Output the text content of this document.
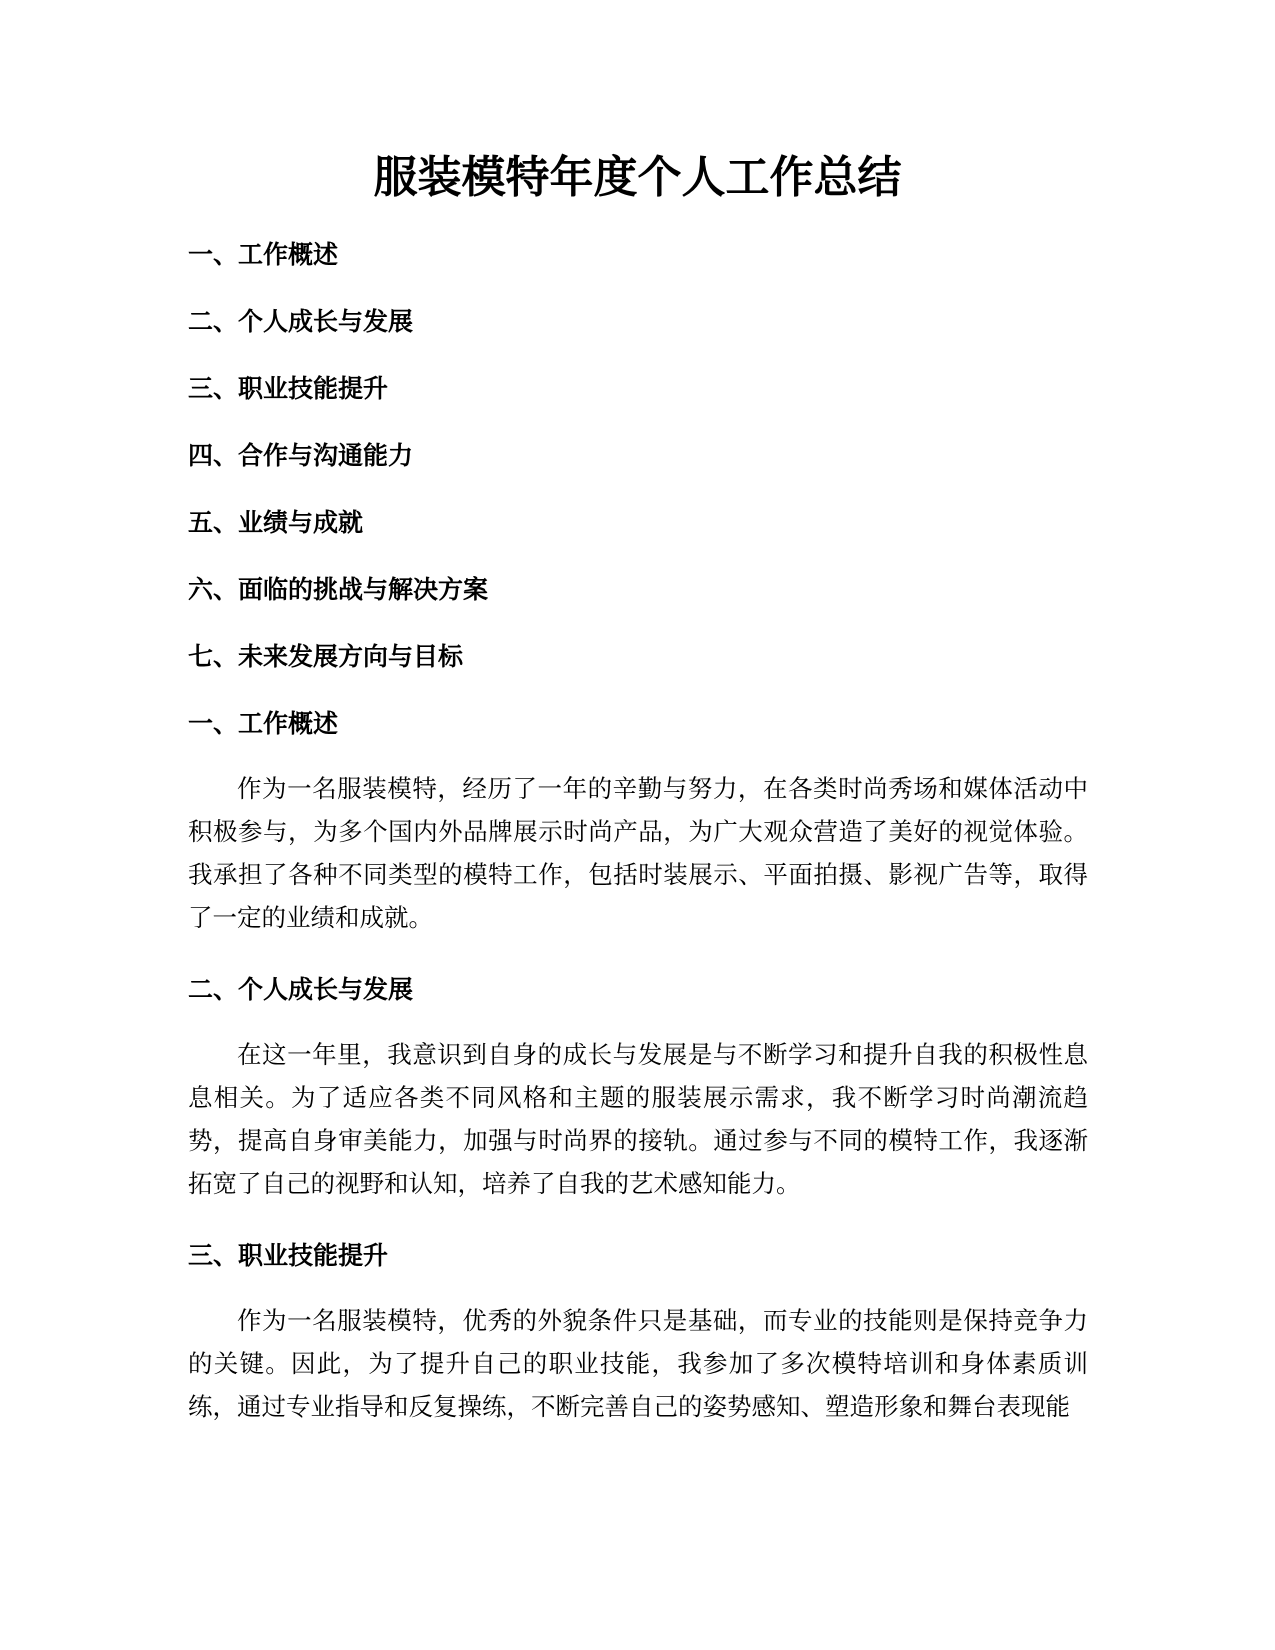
服装模特年度个人工作总结
一、工作概述
二、个人成长与发展
三、职业技能提升
四、合作与沟通能力
五、业绩与成就
六、面临的挑战与解决方案
七、未来发展方向与目标
一、工作概述

作为一名服装模特，经历了一年的辛勤与努力，在各类时尚秀场和媒体活动中积极参与，为多个国内外品牌展示时尚产品，为广大观众营造了美好的视觉体验。我承担了各种不同类型的模特工作，包括时装展示、平面拍摄、影视广告等，取得了一定的业绩和成就。

二、个人成长与发展

在这一年里，我意识到自身的成长与发展是与不断学习和提升自我的积极性息息相关。为了适应各类不同风格和主题的服装展示需求，我不断学习时尚潮流趋势，提高自身审美能力，加强与时尚界的接轨。通过参与不同的模特工作，我逐渐拓宽了自己的视野和认知，培养了自我的艺术感知能力。

三、职业技能提升

作为一名服装模特，优秀的外貌条件只是基础，而专业的技能则是保持竞争力的关键。因此，为了提升自己的职业技能，我参加了多次模特培训和身体素质训练，通过专业指导和反复操练，不断完善自己的姿势感知、塑造形象和舞台表现能
